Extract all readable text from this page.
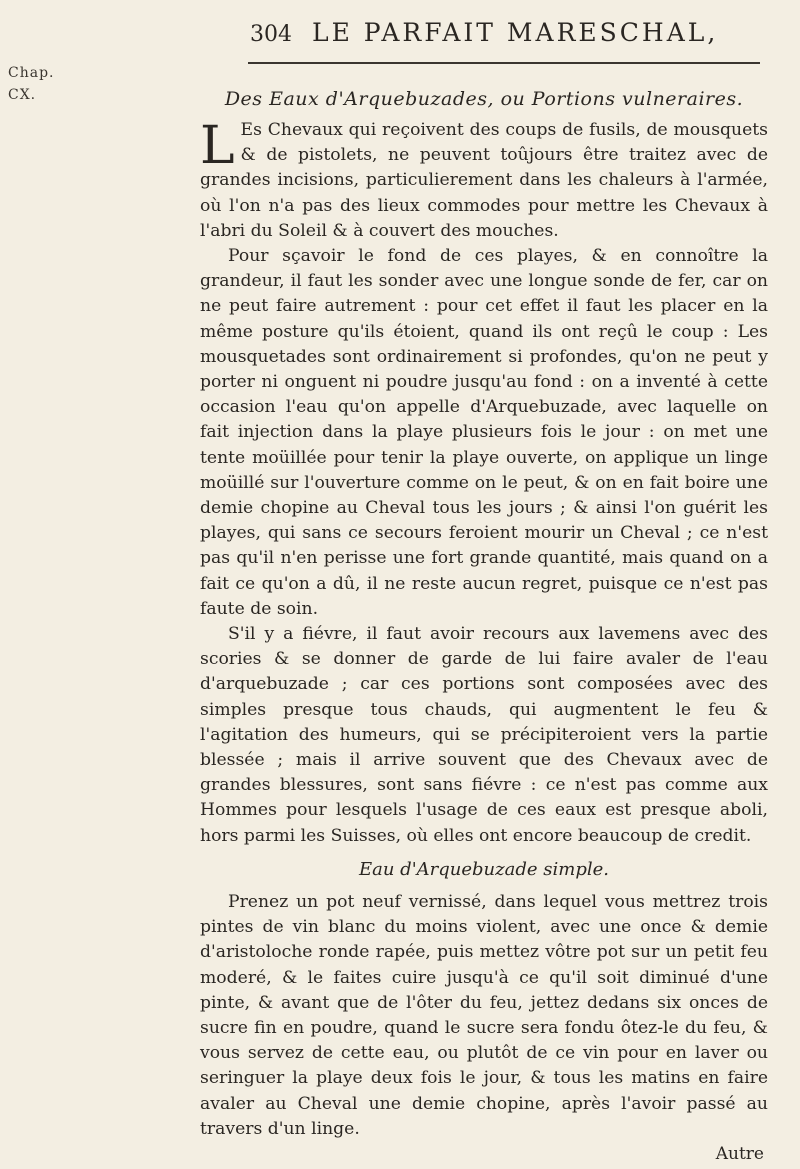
Chap.
CX.
304 LE PARFAIT MARESCHAL,
Des Eaux d'Arquebuzades, ou Portions vulneraires.

L Es Chevaux qui reçoivent des coups de fusils, de mousquets & de pistolets, ne peuvent toûjours être traitez avec de grandes incisions, particulierement dans les chaleurs à l'armée, où l'on n'a pas des lieux commodes pour mettre les Chevaux à l'abri du Soleil & à couvert des mouches.

Pour sçavoir le fond de ces playes, & en connoître la grandeur, il faut les sonder avec une longue sonde de fer, car on ne peut faire autrement : pour cet effet il faut les placer en la même posture qu'ils étoient, quand ils ont reçû le coup : Les mousquetades sont ordinairement si profondes, qu'on ne peut y porter ni onguent ni poudre jusqu'au fond : on a inventé à cette occasion l'eau qu'on appelle d'Arquebuzade, avec laquelle on fait injection dans la playe plusieurs fois le jour : on met une tente moüillée pour tenir la playe ouverte, on applique un linge moüillé sur l'ouverture comme on le peut, & on en fait boire une demie chopine au Cheval tous les jours ; & ainsi l'on guérit les playes, qui sans ce secours feroient mourir un Cheval ; ce n'est pas qu'il n'en perisse une fort grande quantité, mais quand on a fait ce qu'on a dû, il ne reste aucun regret, puisque ce n'est pas faute de soin.

S'il y a fiévre, il faut avoir recours aux lavemens avec des scories & se donner de garde de lui faire avaler de l'eau d'arquebuzade ; car ces portions sont composées avec des simples presque tous chauds, qui augmentent le feu & l'agitation des humeurs, qui se précipiteroient vers la partie blessée ; mais il arrive souvent que des Chevaux avec de grandes blessures, sont sans fiévre : ce n'est pas comme aux Hommes pour lesquels l'usage de ces eaux est presque aboli, hors parmi les Suisses, où elles ont encore beaucoup de credit.

Eau d'Arquebuzade simple.

Prenez un pot neuf vernissé, dans lequel vous mettrez trois pintes de vin blanc du moins violent, avec une once & demie d'aristoloche ronde rapée, puis mettez vôtre pot sur un petit feu moderé, & le faites cuire jusqu'à ce qu'il soit diminué d'une pinte, & avant que de l'ôter du feu, jettez dedans six onces de sucre fin en poudre, quand le sucre sera fondu ôtez-le du feu, & vous servez de cette eau, ou plutôt de ce vin pour en laver ou seringuer la playe deux fois le jour, & tous les matins en faire avaler au Cheval une demie chopine, après l'avoir passé au travers d'un linge.

Autre
